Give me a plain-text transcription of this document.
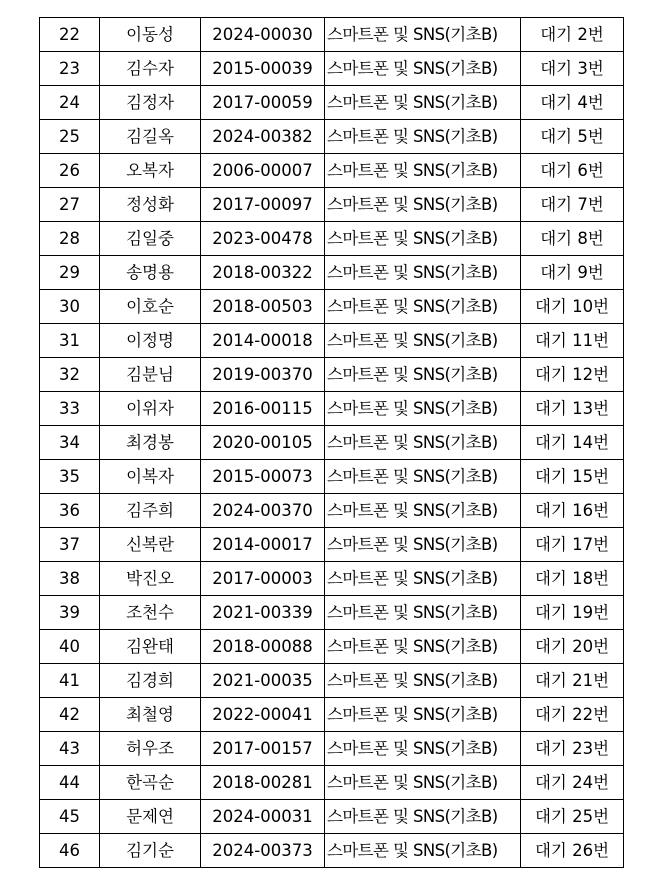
22	이동성	2024-00030	스마트폰 및 SNS(기초B)	대기 2번
23	김수자	2015-00039	스마트폰 및 SNS(기초B)	대기 3번
24	김정자	2017-00059	스마트폰 및 SNS(기초B)	대기 4번
25	김길옥	2024-00382	스마트폰 및 SNS(기초B)	대기 5번
26	오복자	2006-00007	스마트폰 및 SNS(기초B)	대기 6번
27	정성화	2017-00097	스마트폰 및 SNS(기초B)	대기 7번
28	김일중	2023-00478	스마트폰 및 SNS(기초B)	대기 8번
29	송명용	2018-00322	스마트폰 및 SNS(기초B)	대기 9번
30	이호순	2018-00503	스마트폰 및 SNS(기초B)	대기 10번
31	이정명	2014-00018	스마트폰 및 SNS(기초B)	대기 11번
32	김분님	2019-00370	스마트폰 및 SNS(기초B)	대기 12번
33	이위자	2016-00115	스마트폰 및 SNS(기초B)	대기 13번
34	최경봉	2020-00105	스마트폰 및 SNS(기초B)	대기 14번
35	이복자	2015-00073	스마트폰 및 SNS(기초B)	대기 15번
36	김주희	2024-00370	스마트폰 및 SNS(기초B)	대기 16번
37	신복란	2014-00017	스마트폰 및 SNS(기초B)	대기 17번
38	박진오	2017-00003	스마트폰 및 SNS(기초B)	대기 18번
39	조천수	2021-00339	스마트폰 및 SNS(기초B)	대기 19번
40	김완태	2018-00088	스마트폰 및 SNS(기초B)	대기 20번
41	김경희	2021-00035	스마트폰 및 SNS(기초B)	대기 21번
42	최철영	2022-00041	스마트폰 및 SNS(기초B)	대기 22번
43	허우조	2017-00157	스마트폰 및 SNS(기초B)	대기 23번
44	한곡순	2018-00281	스마트폰 및 SNS(기초B)	대기 24번
45	문제연	2024-00031	스마트폰 및 SNS(기초B)	대기 25번
46	김기순	2024-00373	스마트폰 및 SNS(기초B)	대기 26번
